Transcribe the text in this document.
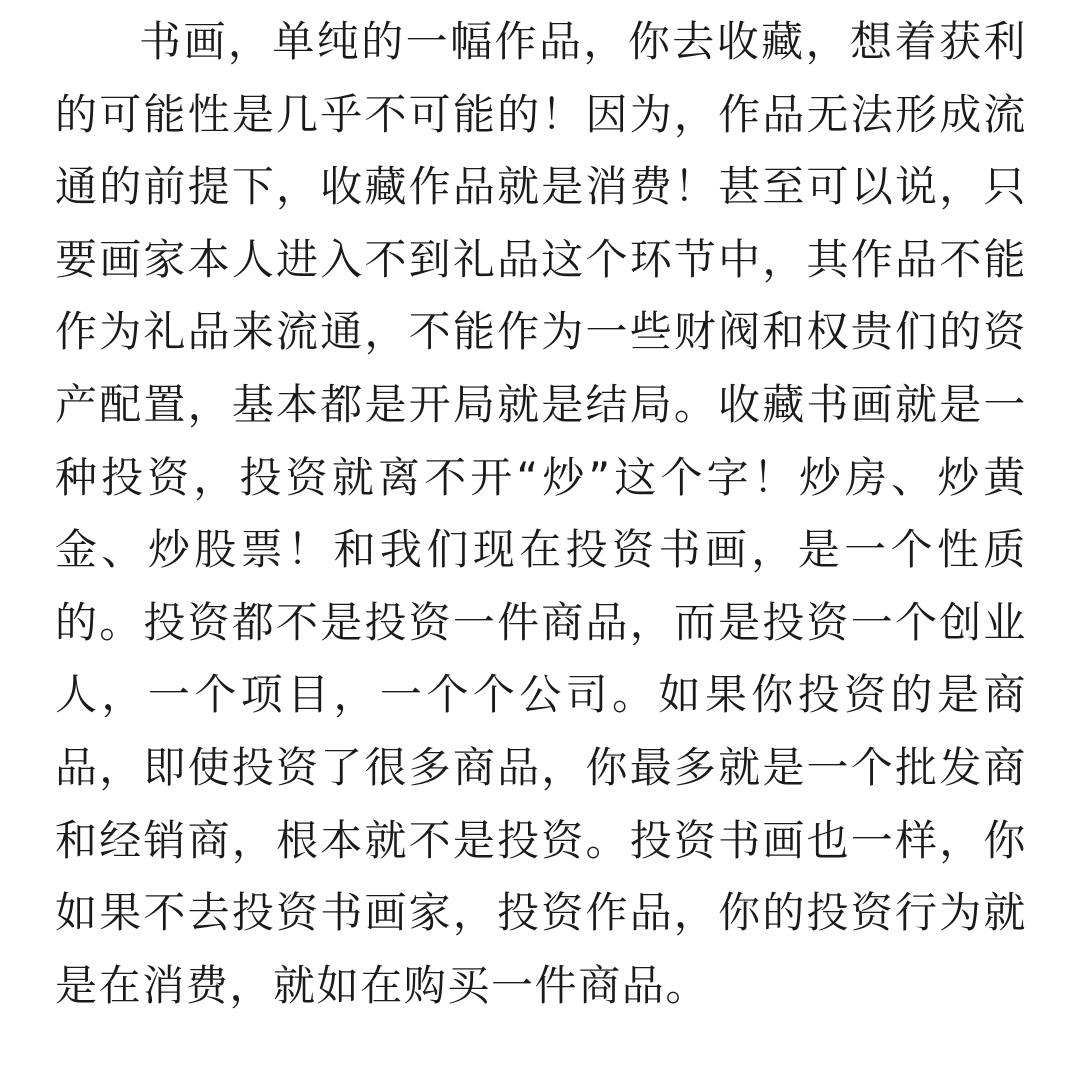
书画，单纯的一幅作品，你去收藏，想着获利的可能性是几乎不可能的！因为，作品无法形成流通的前提下，收藏作品就是消费！甚至可以说，只要画家本人进入不到礼品这个环节中，其作品不能作为礼品来流通，不能作为一些财阀和权贵们的资产配置，基本都是开局就是结局。收藏书画就是一种投资，投资就离不开“炒”这个字！炒房、炒黄金、炒股票！和我们现在投资书画，是一个性质的。投资都不是投资一件商品，而是投资一个创业人，一个项目，一个个公司。如果你投资的是商品，即使投资了很多商品，你最多就是一个批发商和经销商，根本就不是投资。投资书画也一样，你如果不去投资书画家，投资作品，你的投资行为就是在消费，就如在购买一件商品。
